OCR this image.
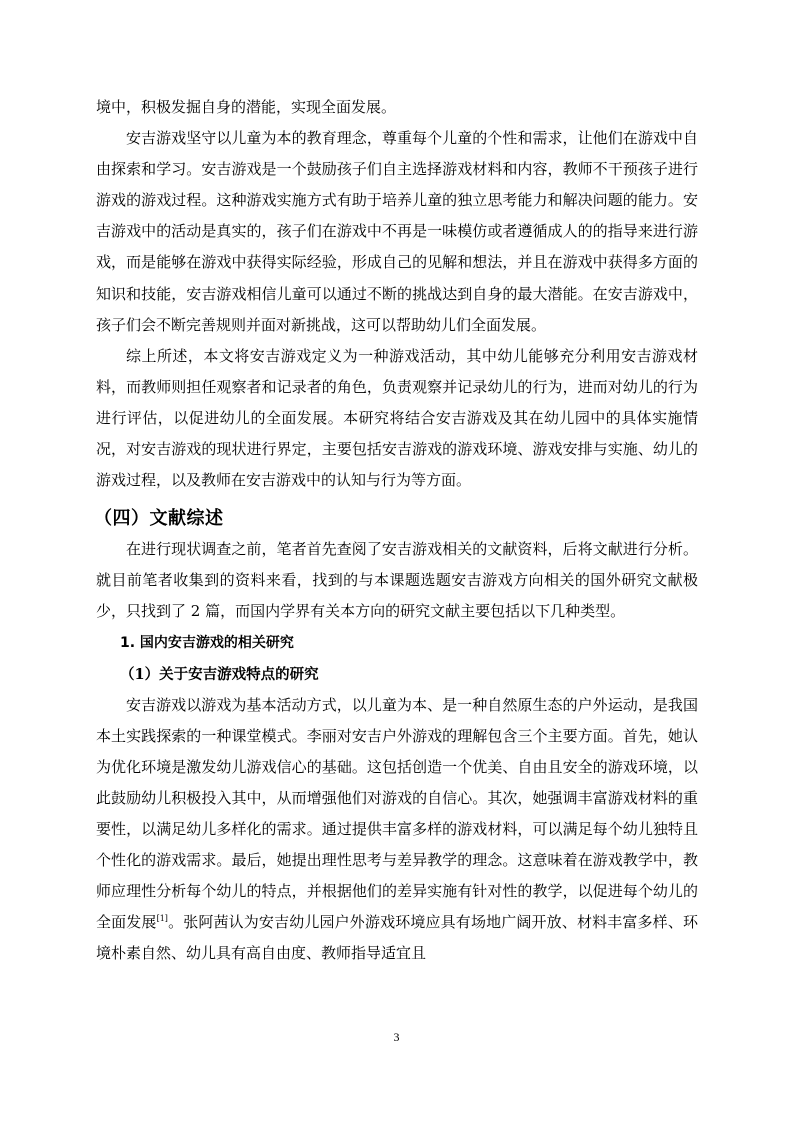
境中，积极发掘自身的潜能，实现全面发展。

安吉游戏坚守以儿童为本的教育理念，尊重每个儿童的个性和需求，让他们在游戏中自由探索和学习。安吉游戏是一个鼓励孩子们自主选择游戏材料和内容，教师不干预孩子进行游戏的游戏过程。这种游戏实施方式有助于培养儿童的独立思考能力和解决问题的能力。安吉游戏中的活动是真实的，孩子们在游戏中不再是一味模仿或者遵循成人的的指导来进行游戏，而是能够在游戏中获得实际经验，形成自己的见解和想法，并且在游戏中获得多方面的知识和技能，安吉游戏相信儿童可以通过不断的挑战达到自身的最大潜能。在安吉游戏中，孩子们会不断完善规则并面对新挑战，这可以帮助幼儿们全面发展。

综上所述，本文将安吉游戏定义为一种游戏活动，其中幼儿能够充分利用安吉游戏材料，而教师则担任观察者和记录者的角色，负责观察并记录幼儿的行为，进而对幼儿的行为进行评估，以促进幼儿的全面发展。本研究将结合安吉游戏及其在幼儿园中的具体实施情况，对安吉游戏的现状进行界定，主要包括安吉游戏的游戏环境、游戏安排与实施、幼儿的游戏过程，以及教师在安吉游戏中的认知与行为等方面。

（四）文献综述

在进行现状调查之前，笔者首先查阅了安吉游戏相关的文献资料，后将文献进行分析。就目前笔者收集到的资料来看，找到的与本课题选题安吉游戏方向相关的国外研究文献极少，只找到了 2 篇，而国内学界有关本方向的研究文献主要包括以下几种类型。

1. 国内安吉游戏的相关研究
（1）关于安吉游戏特点的研究

安吉游戏以游戏为基本活动方式，以儿童为本、是一种自然原生态的户外运动，是我国本土实践探索的一种课堂模式。李丽对安吉户外游戏的理解包含三个主要方面。首先，她认为优化环境是激发幼儿游戏信心的基础。这包括创造一个优美、自由且安全的游戏环境，以此鼓励幼儿积极投入其中，从而增强他们对游戏的自信心。其次，她强调丰富游戏材料的重要性，以满足幼儿多样化的需求。通过提供丰富多样的游戏材料，可以满足每个幼儿独特且个性化的游戏需求。最后，她提出理性思考与差异教学的理念。这意味着在游戏教学中，教师应理性分析每个幼儿的特点，并根据他们的差异实施有针对性的教学，以促进每个幼儿的全面发展[1]。张阿茜认为安吉幼儿园户外游戏环境应具有场地广阔开放、材料丰富多样、环境朴素自然、幼儿具有高自由度、教师指导适宜且

3
